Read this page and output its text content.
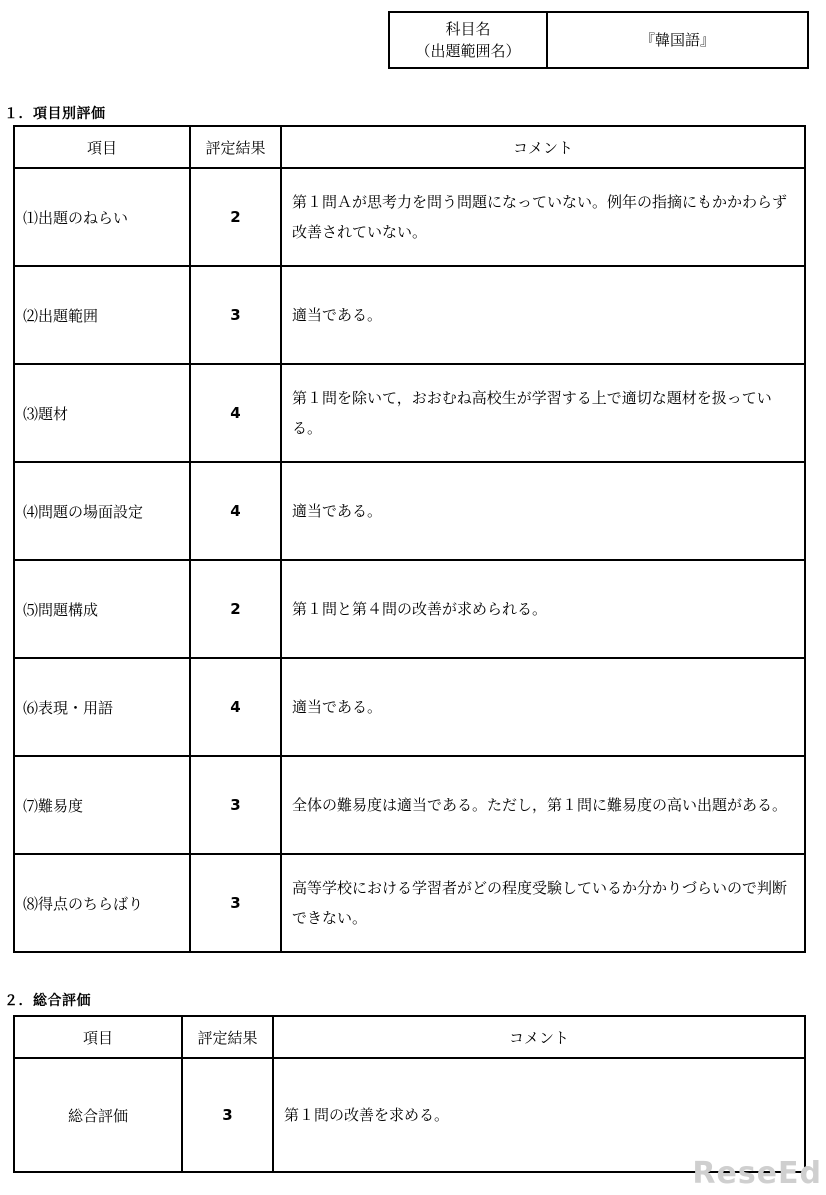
科目名
（出題範囲名）
	『韓国語』
１．項目別評価
項目	評定結果	コメント
⑴出題のねらい	2	第１問Ａが思考力を問う問題になっていない。例年の指摘にもかかわらず改善されていない。
⑵出題範囲	3	適当である。
⑶題材	4	第１問を除いて，おおむね高校生が学習する上で適切な題材を扱っている。
⑷問題の場面設定	4	適当である。
⑸問題構成	2	第１問と第４問の改善が求められる。
⑹表現・用語	4	適当である。
⑺難易度	3	全体の難易度は適当である。ただし，第１問に難易度の高い出題がある。
⑻得点のちらばり	3	高等学校における学習者がどの程度受験しているか分かりづらいので判断できない。
２．総合評価
項目	評定結果	コメント
総合評価	3	第１問の改善を求める。
ReseEd
